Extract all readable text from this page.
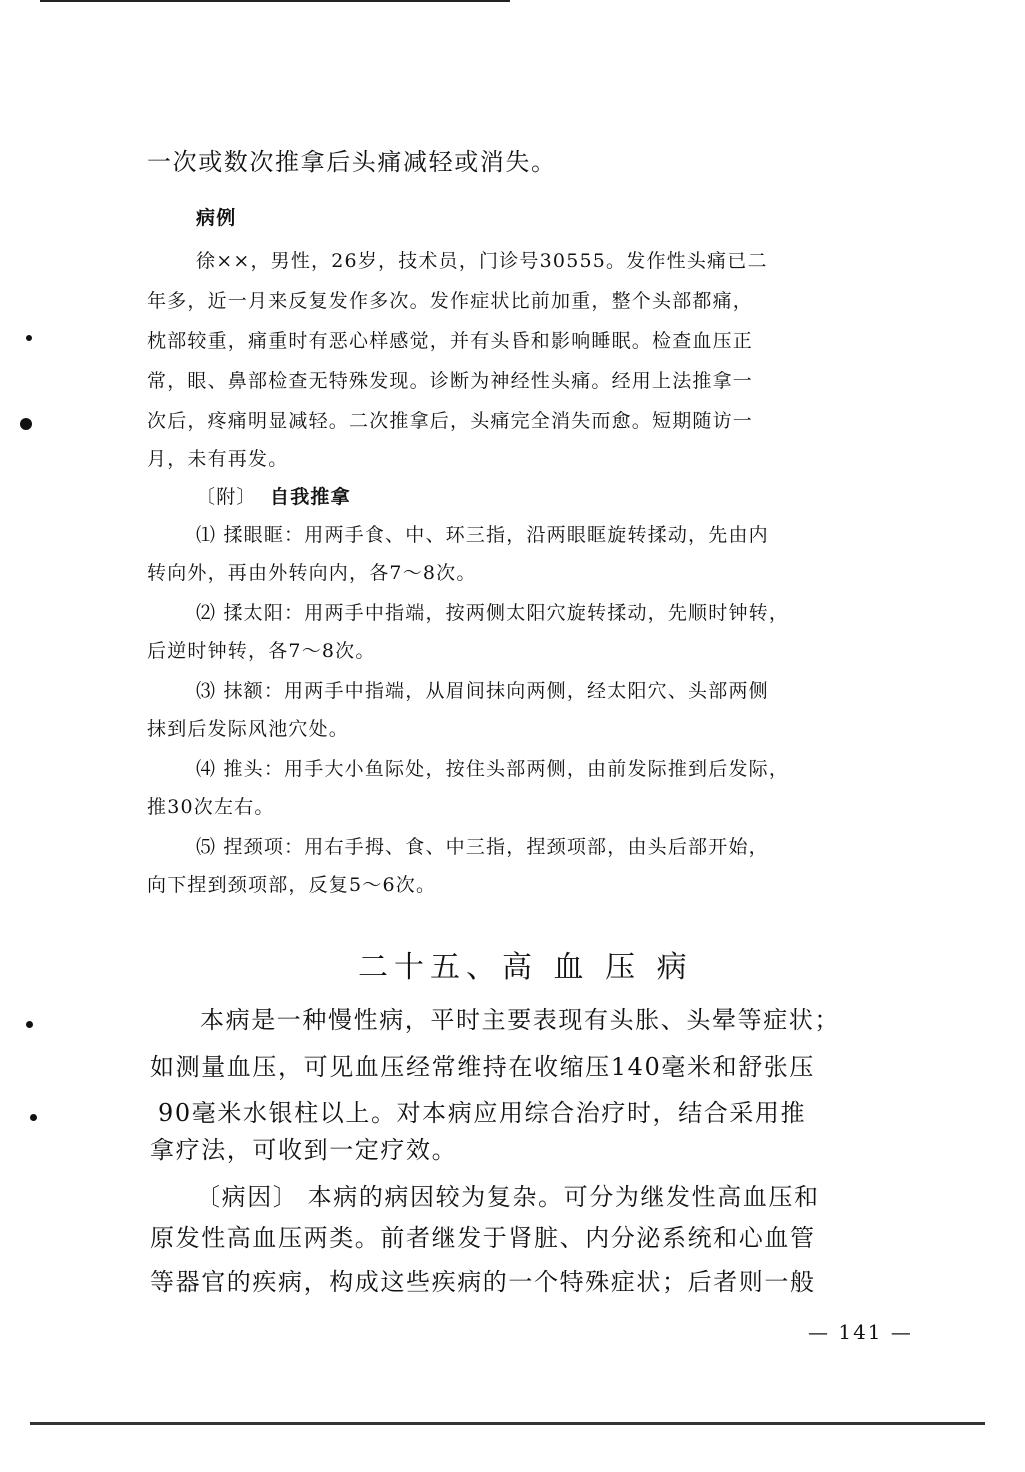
一次或数次推拿后头痛减轻或消失。
病例
徐××，男性，26岁，技术员，门诊号30555。发作性头痛已二
年多，近一月来反复发作多次。发作症状比前加重，整个头部都痛，
枕部较重，痛重时有恶心样感觉，并有头昏和影响睡眠。检查血压正
常，眼、鼻部检查无特殊发现。诊断为神经性头痛。经用上法推拿一
次后，疼痛明显减轻。二次推拿后，头痛完全消失而愈。短期随访一
月，未有再发。
〔附〕 自我推拿
⑴ 揉眼眶：用两手食、中、环三指，沿两眼眶旋转揉动，先由内
转向外，再由外转向内，各7～8次。
⑵ 揉太阳：用两手中指端，按两侧太阳穴旋转揉动，先顺时钟转，
后逆时钟转，各7～8次。
⑶ 抹额：用两手中指端，从眉间抹向两侧，经太阳穴、头部两侧
抹到后发际风池穴处。
⑷ 推头：用手大小鱼际处，按住头部两侧，由前发际推到后发际，
推30次左右。
⑸ 捏颈项：用右手拇、食、中三指，捏颈项部，由头后部开始，
向下捏到颈项部，反复5～6次。
二十五、高 血 压 病
本病是一种慢性病，平时主要表现有头胀、头晕等症状；
如测量血压，可见血压经常维持在收缩压140毫米和舒张压
90毫米水银柱以上。对本病应用综合治疗时，结合采用推
拿疗法，可收到一定疗效。
〔病因〕 本病的病因较为复杂。可分为继发性高血压和
原发性高血压两类。前者继发于肾脏、内分泌系统和心血管
等器官的疾病，构成这些疾病的一个特殊症状；后者则一般
— 141 —
